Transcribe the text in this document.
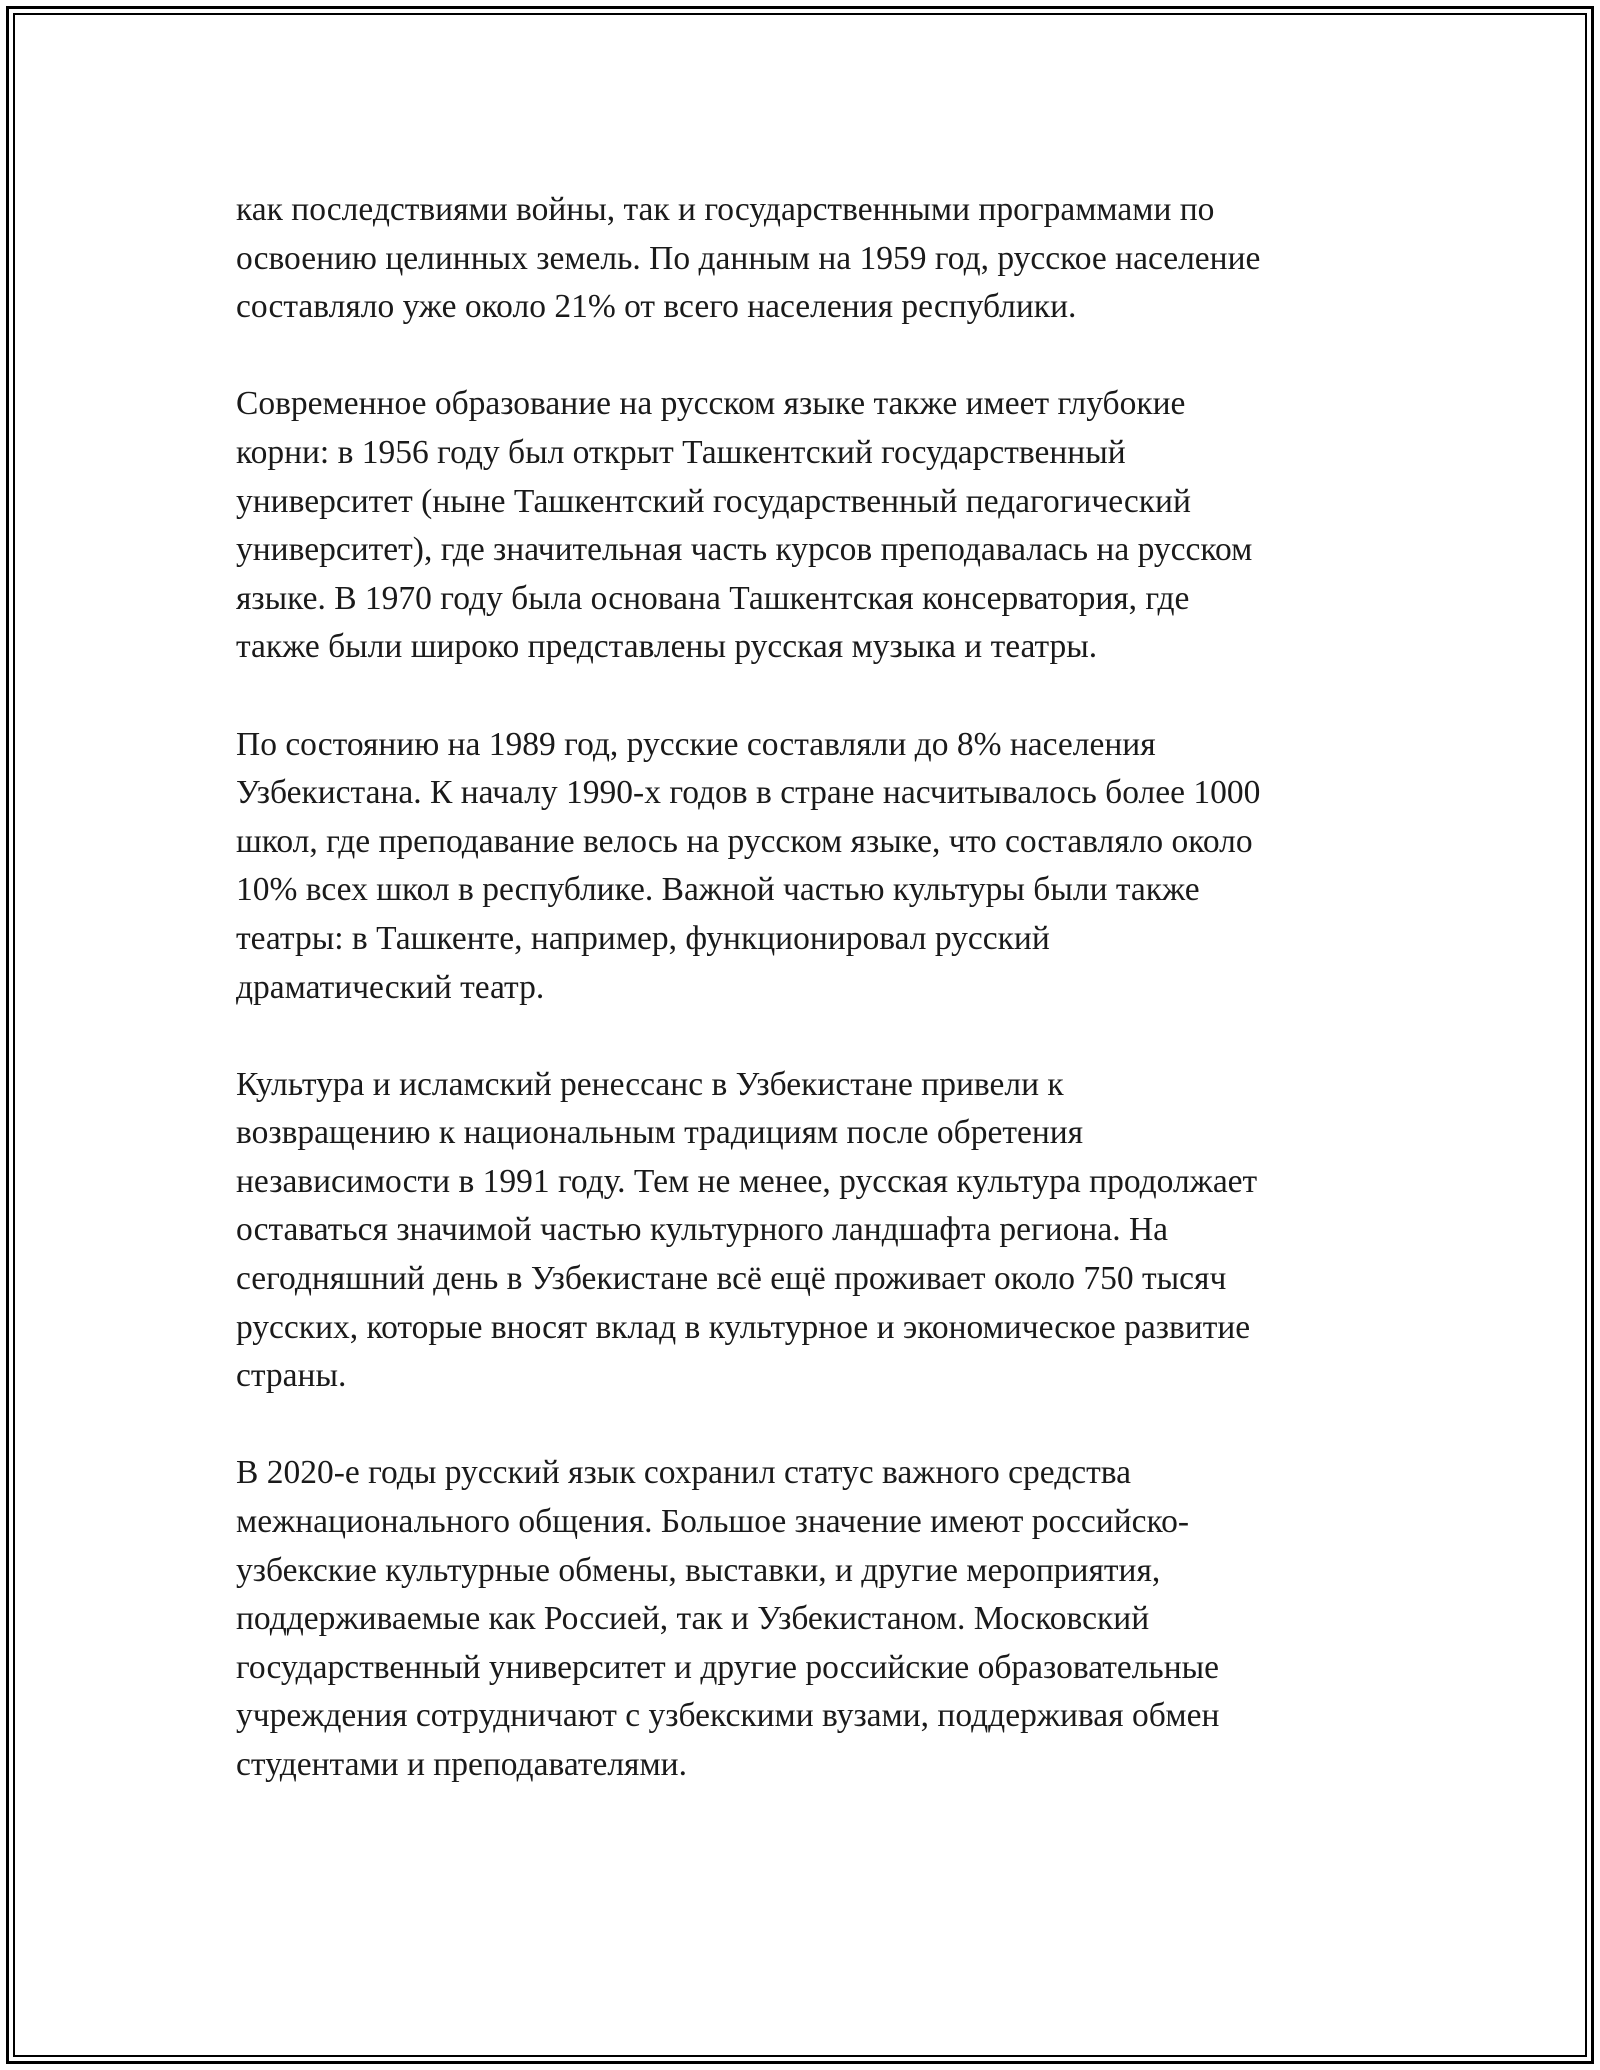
как последствиями войны, так и государственными программами по
освоению целинных земель. По данным на 1959 год, русское население
составляло уже около 21% от всего населения республики.

Современное образование на русском языке также имеет глубокие
корни: в 1956 году был открыт Ташкентский государственный
университет (ныне Ташкентский государственный педагогический
университет), где значительная часть курсов преподавалась на русском
языке. В 1970 году была основана Ташкентская консерватория, где
также были широко представлены русская музыка и театры.

По состоянию на 1989 год, русские составляли до 8% населения
Узбекистана. К началу 1990-х годов в стране насчитывалось более 1000
школ, где преподавание велось на русском языке, что составляло около
10% всех школ в республике. Важной частью культуры были также
театры: в Ташкенте, например, функционировал русский
драматический театр.

Культура и исламский ренессанс в Узбекистане привели к
возвращению к национальным традициям после обретения
независимости в 1991 году. Тем не менее, русская культура продолжает
оставаться значимой частью культурного ландшафта региона. На
сегодняшний день в Узбекистане всё ещё проживает около 750 тысяч
русских, которые вносят вклад в культурное и экономическое развитие
страны.

В 2020-е годы русский язык сохранил статус важного средства
межнационального общения. Большое значение имеют российско-
узбекские культурные обмены, выставки, и другие мероприятия,
поддерживаемые как Россией, так и Узбекистаном. Московский
государственный университет и другие российские образовательные
учреждения сотрудничают с узбекскими вузами, поддерживая обмен
студентами и преподавателями.
